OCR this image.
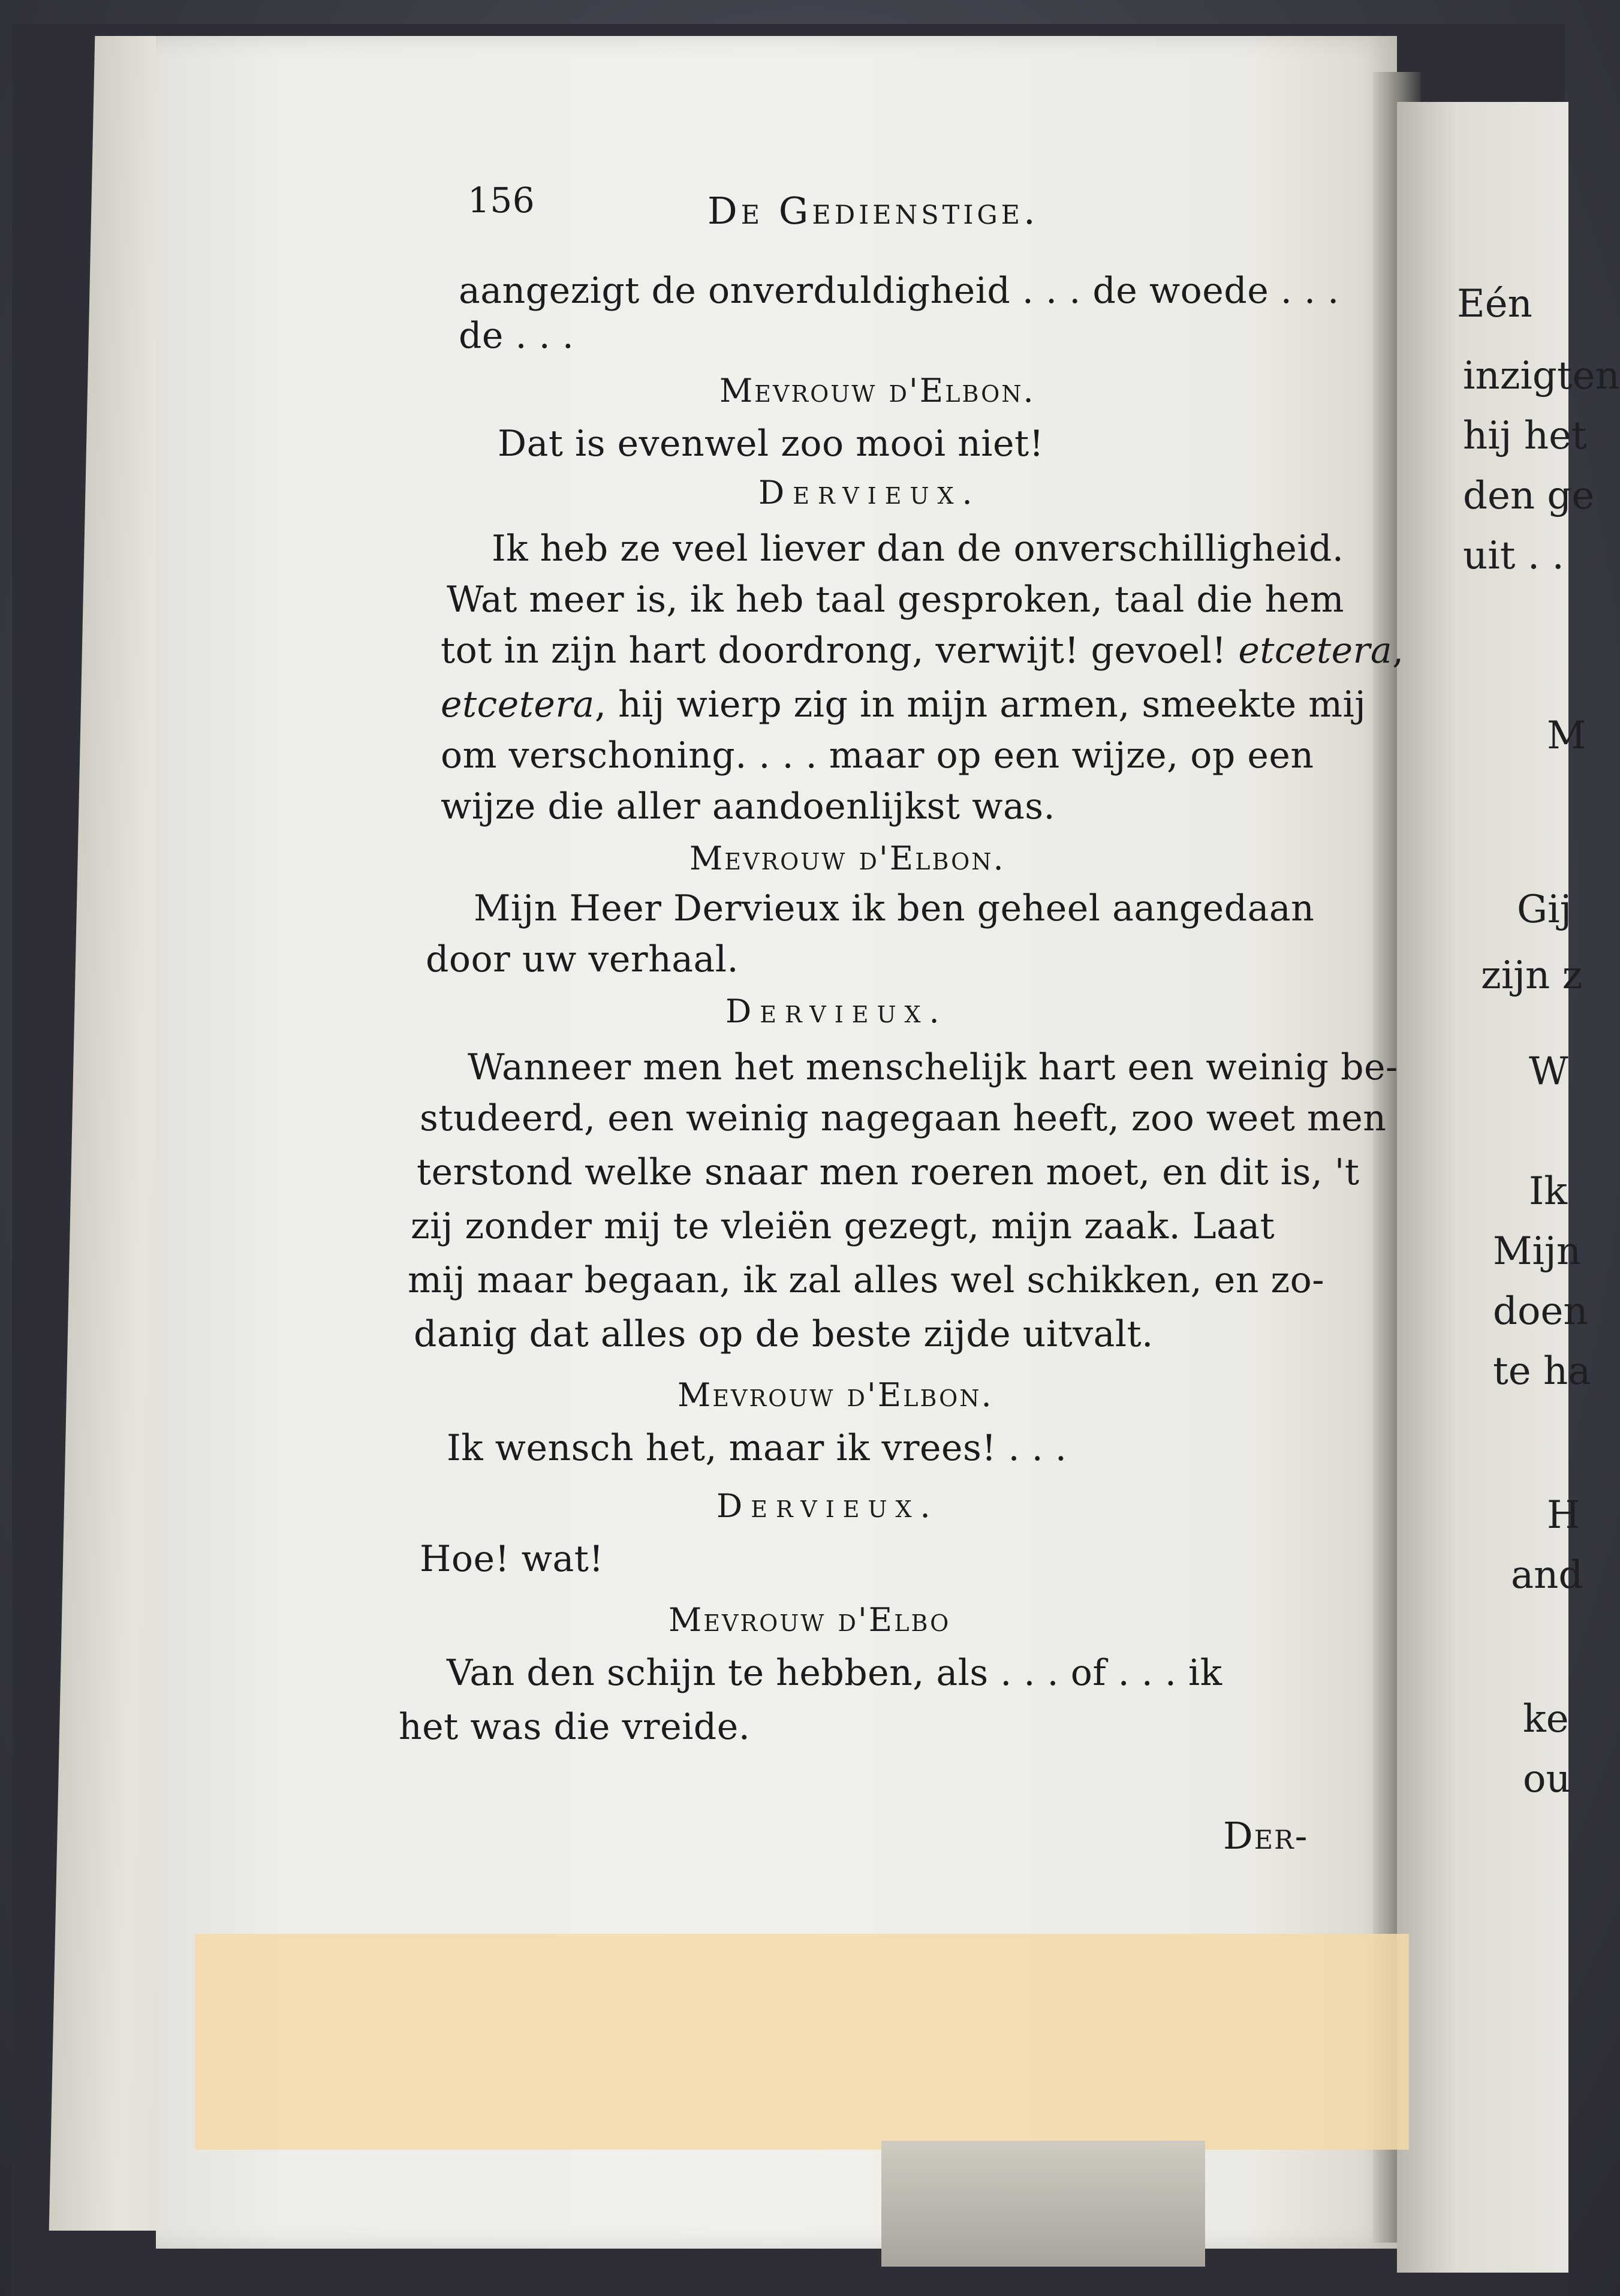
Eén
inzigten
hij het
den ge
uit . .
M
Gij
zijn z
W
Ik
Mijn
doen
te ha
H
and
ke
ou
156	De Gedienstige.
aangezigt de onverduldigheid . . . de woede . . .
de . . .
Mevrouw d'Elbon.
Dat is evenwel zoo mooi niet!
Dervieux.
Ik heb ze veel liever dan de onverschilligheid.
Wat meer is, ik heb taal gesproken, taal die hem
tot in zijn hart doordrong, verwijt! gevoel! etcetera,
etcetera, hij wierp zig in mijn armen, smeekte mij
om verschoning. . . . maar op een wijze, op een
wijze die aller aandoenlijkst was.
Mevrouw d'Elbon.
Mijn Heer Dervieux ik ben geheel aangedaan
door uw verhaal.
Dervieux.
Wanneer men het menschelijk hart een weinig be-
studeerd, een weinig nagegaan heeft, zoo weet men
terstond welke snaar men roeren moet, en dit is, 't
zij zonder mij te vleiën gezegt, mijn zaak. Laat
mij maar begaan, ik zal alles wel schikken, en zo-
danig dat alles op de beste zijde uitvalt.
Mevrouw d'Elbon.
Ik wensch het, maar ik vrees! . . .
Dervieux.
Hoe! wat!
Mevrouw d'Elbo
Van den schijn te hebben, als . . . of . . . ik
het was die vreide.
Der-
